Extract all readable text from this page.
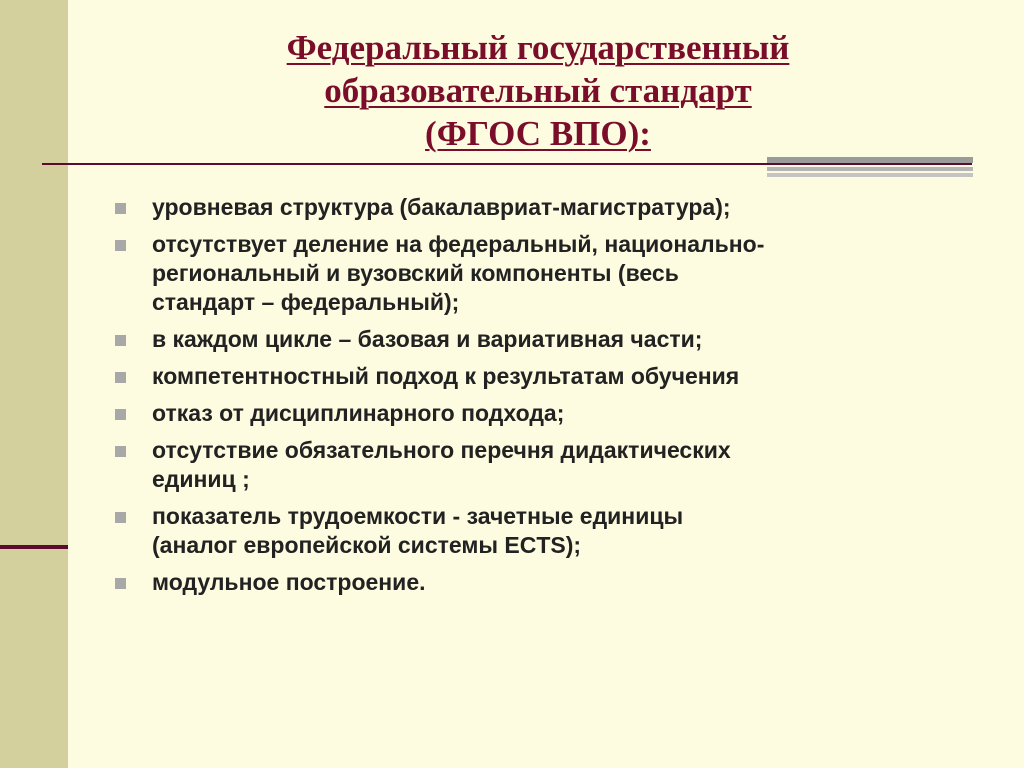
Федеральный государственный
образовательный стандарт
(ФГОС ВПО):
уровневая структура (бакалавриат-магистратура);
отсутствует деление на федеральный, национально-
региональный и вузовский компоненты (весь
стандарт – федеральный);
в каждом цикле – базовая и вариативная части;
компетентностный подход к результатам обучения
отказ от дисциплинарного подхода;
отсутствие обязательного перечня дидактических
единиц ;
показатель трудоемкости - зачетные единицы
(аналог европейской системы ECTS);
модульное построение.
